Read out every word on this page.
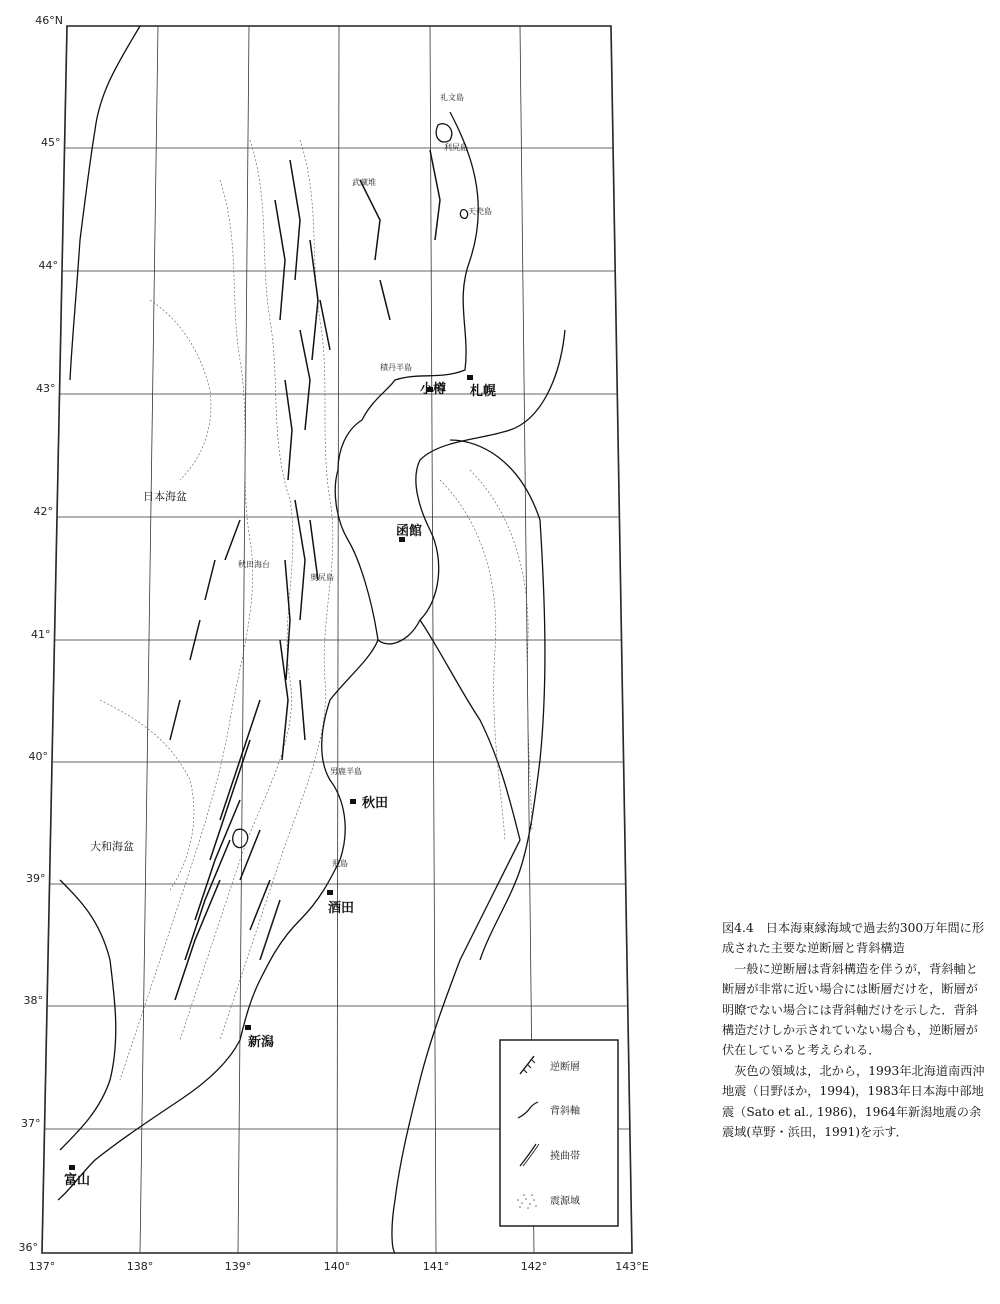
46°N
45°
44°
43°
42°
41°
40°
39°
38°
37°
36°
137°	138°	139°	140°	141°	142°	143°E
小樽 札幌
函館
秋田
酒田
新潟
富山
礼文島
利尻島
天売島
積丹半島
男鹿半島
秋田海台
飛島
奥尻島
武蔵堆
日本海盆
大和海盆
逆断層
背斜軸
撓曲帯
震源域

図4.4　日本海東縁海域で過去約300万年間に形成された主要な逆断層と背斜構造

一般に逆断層は背斜構造を伴うが，背斜軸と断層が非常に近い場合には断層だけを，断層が明瞭でない場合には背斜軸だけを示した．背斜構造だけしか示されていない場合も，逆断層が伏在していると考えられる．

灰色の領域は，北から，1993年北海道南西沖地震（日野ほか，1994)，1983年日本海中部地震（Sato et al., 1986)，1964年新潟地震の余震域(草野・浜田，1991)を示す．
